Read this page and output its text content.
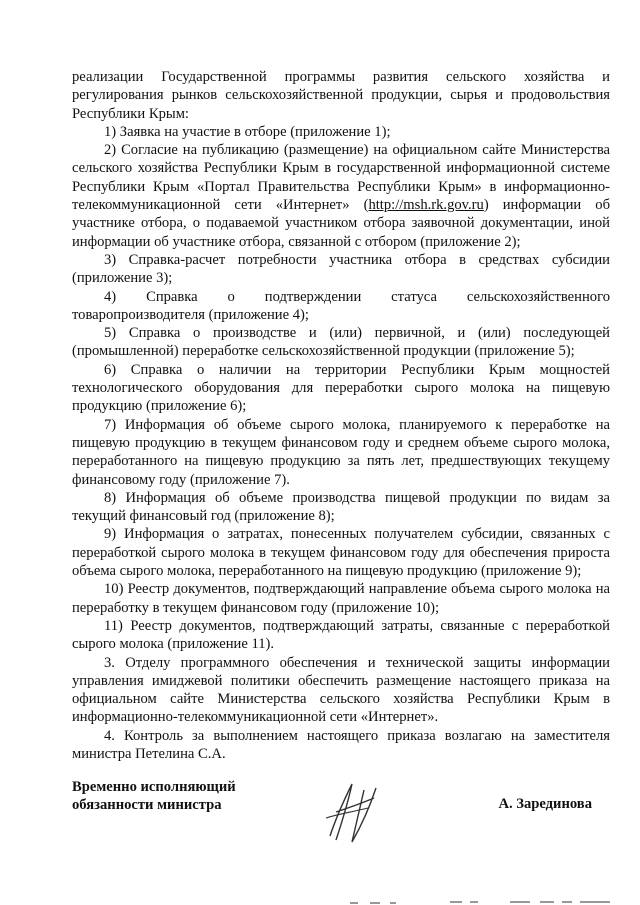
реализации Государственной программы развития сельского хозяйства и регулирования рынков сельскохозяйственной продукции, сырья и продовольствия Республики Крым:

1) Заявка на участие в отборе (приложение 1);

2) Согласие на публикацию (размещение) на официальном сайте Министерства сельского хозяйства Республики Крым в государственной информационной системе Республики Крым «Портал Правительства Республики Крым» в информационно-телекоммуникационной сети «Интернет» (http://msh.rk.gov.ru) информации об участнике отбора, о подаваемой участником отбора заявочной документации, иной информации об участнике отбора, связанной с отбором (приложение 2);

3) Справка-расчет потребности участника отбора в средствах субсидии (приложение 3);

4) Справка о подтверждении статуса сельскохозяйственного товаропроизводителя (приложение 4);

5) Справка о производстве и (или) первичной, и (или) последующей (промышленной) переработке сельскохозяйственной продукции (приложение 5);

6) Справка о наличии на территории Республики Крым мощностей технологического оборудования для переработки сырого молока на пищевую продукцию (приложение 6);

7) Информация об объеме сырого молока, планируемого к переработке на пищевую продукцию в текущем финансовом году и среднем объеме сырого молока, переработанного на пищевую продукцию за пять лет, предшествующих текущему финансовому году (приложение 7).

8) Информация об объеме производства пищевой продукции по видам за текущий финансовый год (приложение 8);

9) Информация о затратах, понесенных получателем субсидии, связанных с переработкой сырого молока в текущем финансовом году для обеспечения прироста объема сырого молока, переработанного на пищевую продукцию (приложение 9);

10) Реестр документов, подтверждающий направление объема сырого молока на переработку в текущем финансовом году (приложение 10);

11) Реестр документов, подтверждающий затраты, связанные с переработкой сырого молока (приложение 11).

3. Отделу программного обеспечения и технической защиты информации управления имиджевой политики обеспечить размещение настоящего приказа на официальном сайте Министерства сельского хозяйства Республики Крым в информационно-телекоммуникационной сети «Интернет».

4. Контроль за выполнением настоящего приказа возлагаю на заместителя министра Петелина С.А.

Временно исполняющий
обязанности министра	А. Зарединова
